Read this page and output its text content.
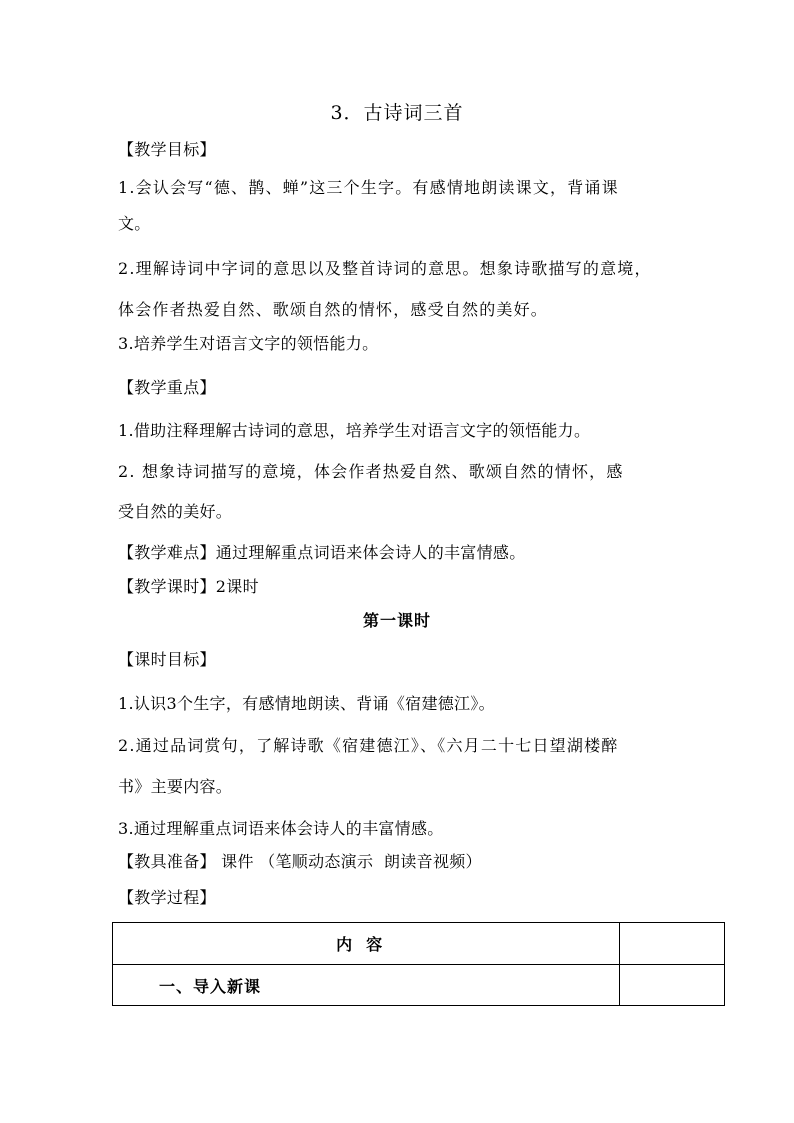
3．古诗词三首
【教学目标】
1.会认会写“德、鹊、蝉”这三个生字。有感情地朗读课文，背诵课
文。
2.理解诗词中字词的意思以及整首诗词的意思。想象诗歌描写的意境，
体会作者热爱自然、歌颂自然的情怀，感受自然的美好。
3.培养学生对语言文字的领悟能力。
【教学重点】
1.借助注释理解古诗词的意思，培养学生对语言文字的领悟能力。
2. 想象诗词描写的意境，体会作者热爱自然、歌颂自然的情怀，感
受自然的美好。
【教学难点】通过理解重点词语来体会诗人的丰富情感。
【教学课时】2课时
第一课时
【课时目标】
1.认识3个生字，有感情地朗读、背诵《宿建德江》。
2.通过品词赏句，了解诗歌《宿建德江》、《六月二十七日望湖楼醉
书》主要内容。
3.通过理解重点词语来体会诗人的丰富情感。
【教具准备】 课件 （笔顺动态演示  朗读音视频）
【教学过程】
内容	
一、导入新课	
